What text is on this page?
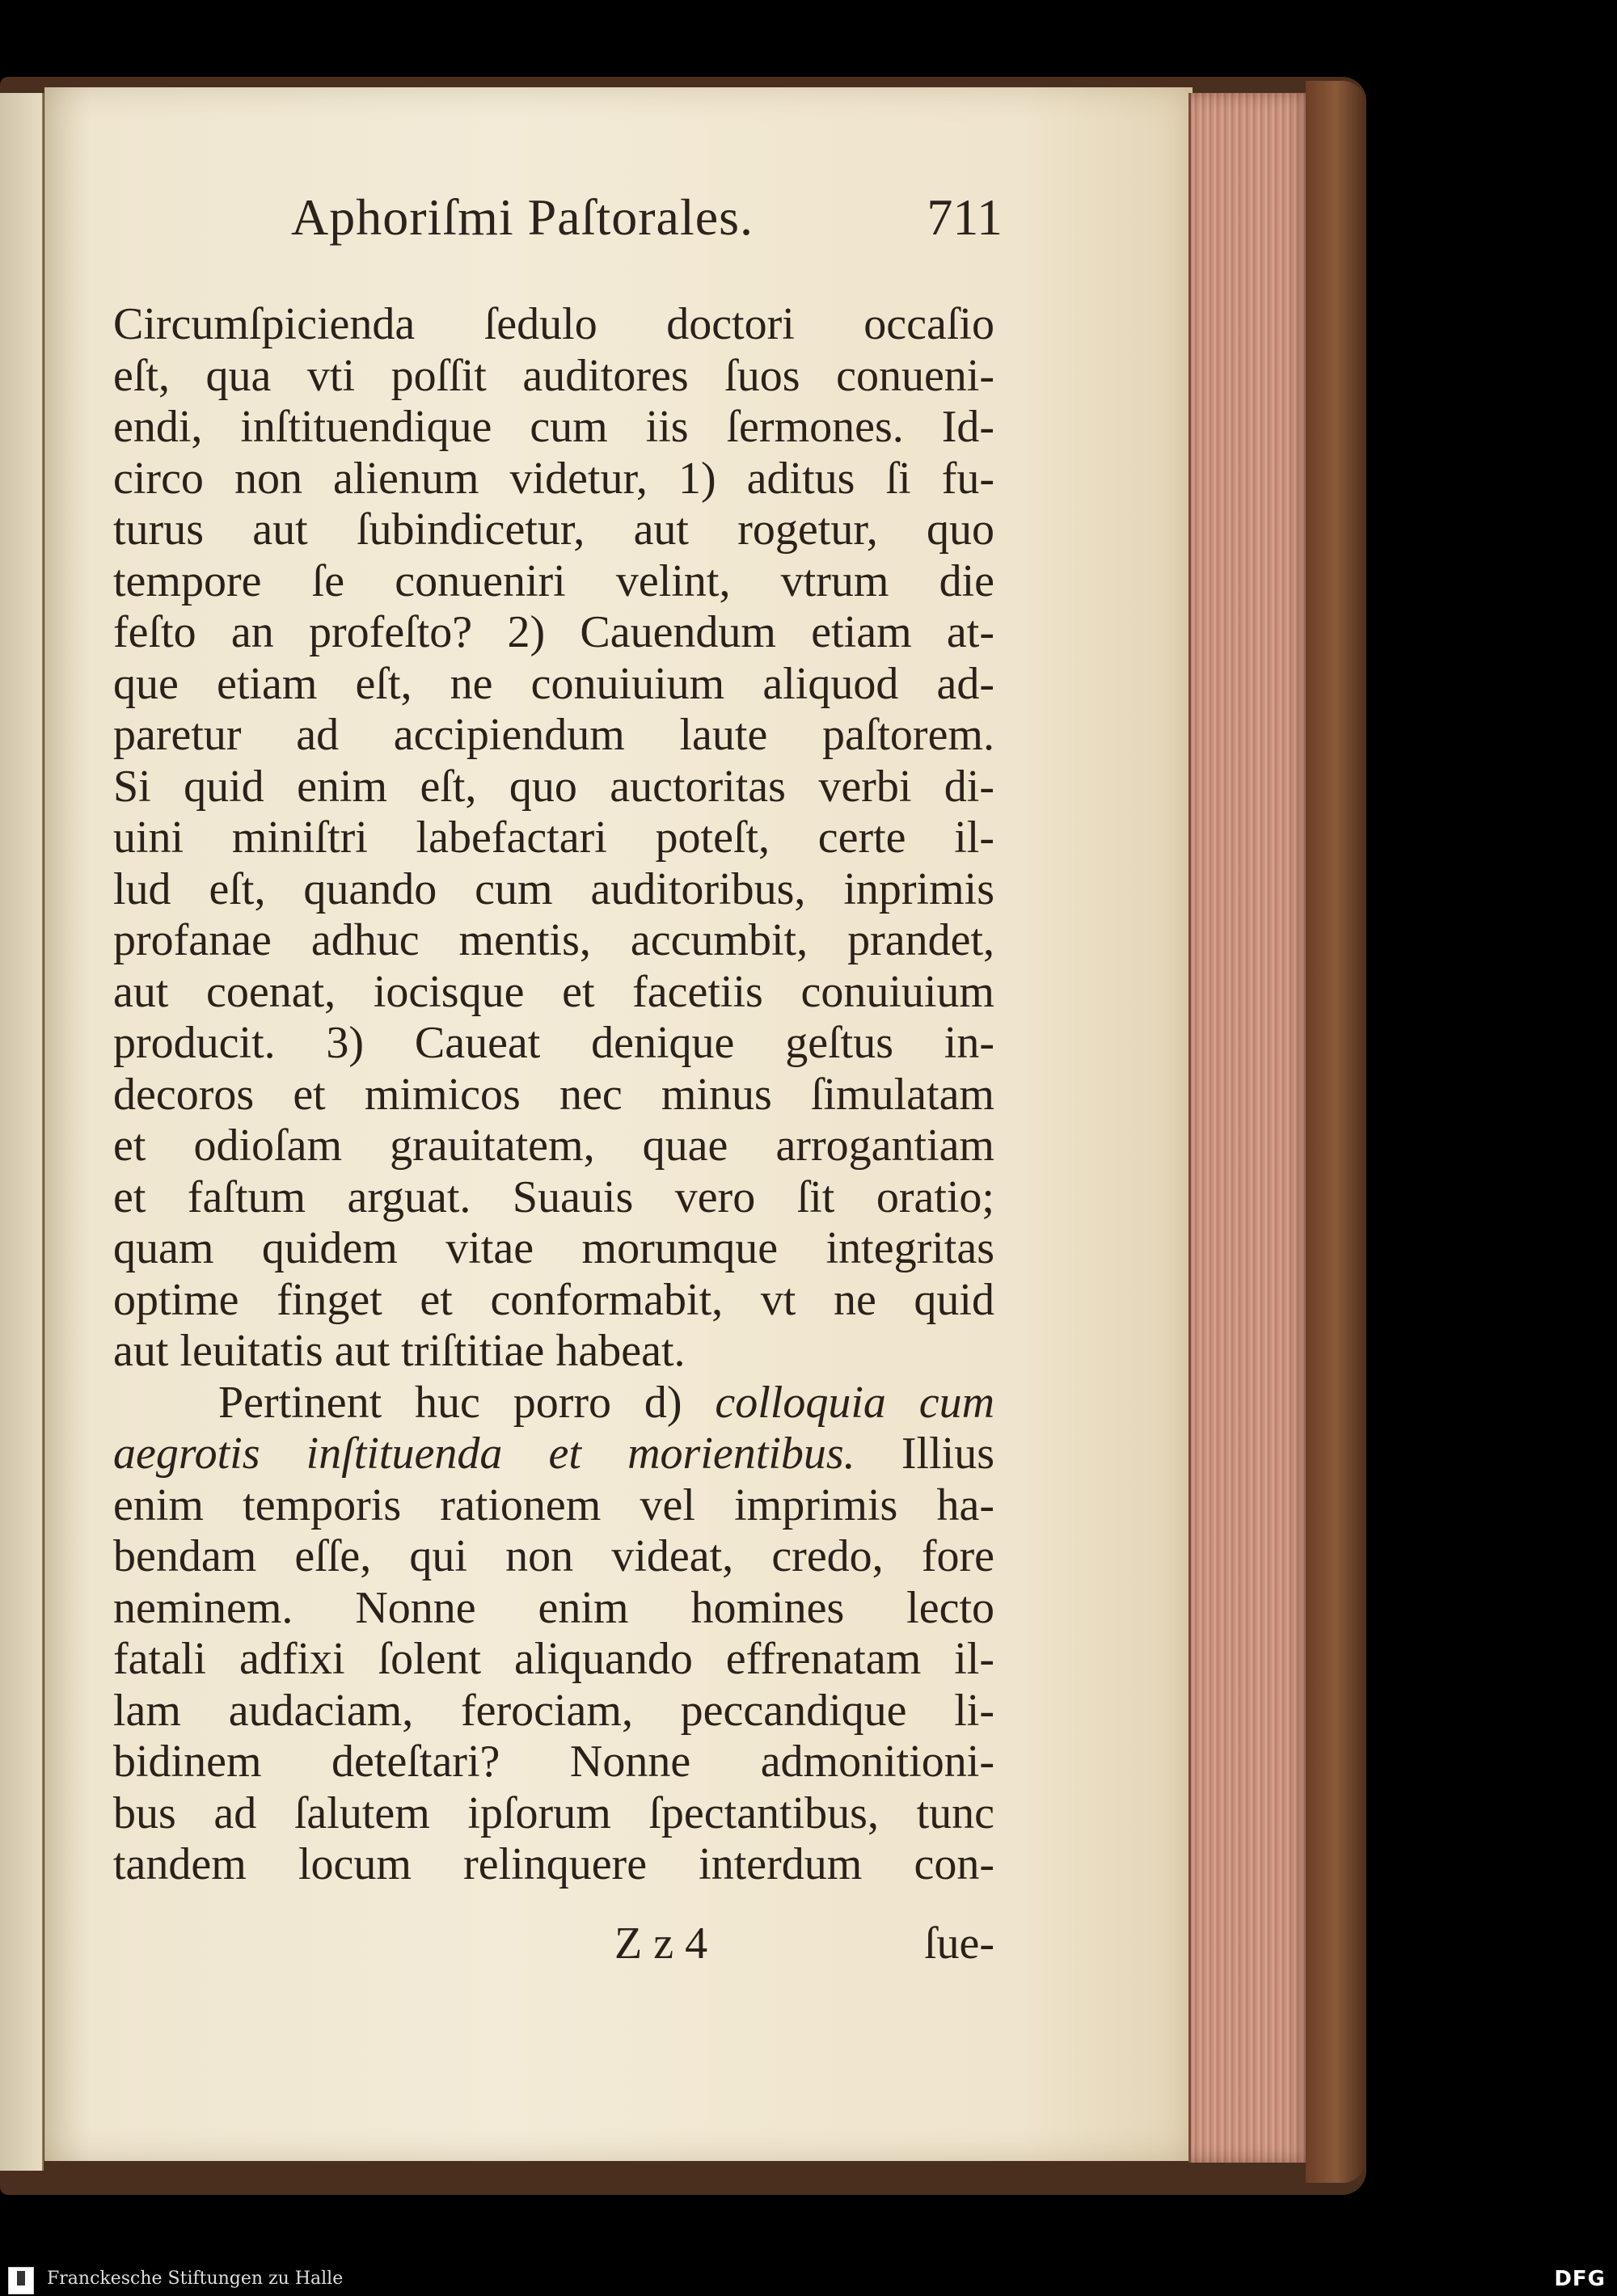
Aphoriſmi Paſtorales.	711

Circumſpicienda ſedulo doctori occaſio
eſt, qua vti poſſit auditores ſuos conueni-
endi, inſtituendique cum iis ſermones. Id-
circo non alienum videtur, 1) aditus ſi fu-
turus aut ſubindicetur, aut rogetur, quo
tempore ſe conueniri velint, vtrum die
feſto an profeſto? 2) Cauendum etiam at-
que etiam eſt, ne conuiuium aliquod ad-
paretur ad accipiendum laute paſtorem.
Si quid enim eſt, quo auctoritas verbi di-
uini miniſtri labefactari poteſt, certe il-
lud eſt, quando cum auditoribus, inprimis
profanae adhuc mentis, accumbit, prandet,
aut coenat, iocisque et facetiis conuiuium
producit. 3) Caueat denique geſtus in-
decoros et mimicos nec minus ſimulatam
et odioſam grauitatem, quae arrogantiam
et faſtum arguat. Suauis vero ſit oratio;
quam quidem vitae morumque integritas
optime finget et conformabit, vt ne quid
aut leuitatis aut triſtitiae habeat.

Pertinent huc porro d) colloquia cum
aegrotis inſtituenda et morientibus. Illius
enim temporis rationem vel imprimis ha-
bendam eſſe, qui non videat, credo, fore
neminem. Nonne enim homines lecto
fatali adfixi ſolent aliquando effrenatam il-
lam audaciam, ferociam, peccandique li-
bidinem deteſtari? Nonne admonitioni-
bus ad ſalutem ipſorum ſpectantibus, tunc
tandem locum relinquere interdum con-

Z z 4	ſue-
Franckesche Stiftungen zu Halle	DFG
